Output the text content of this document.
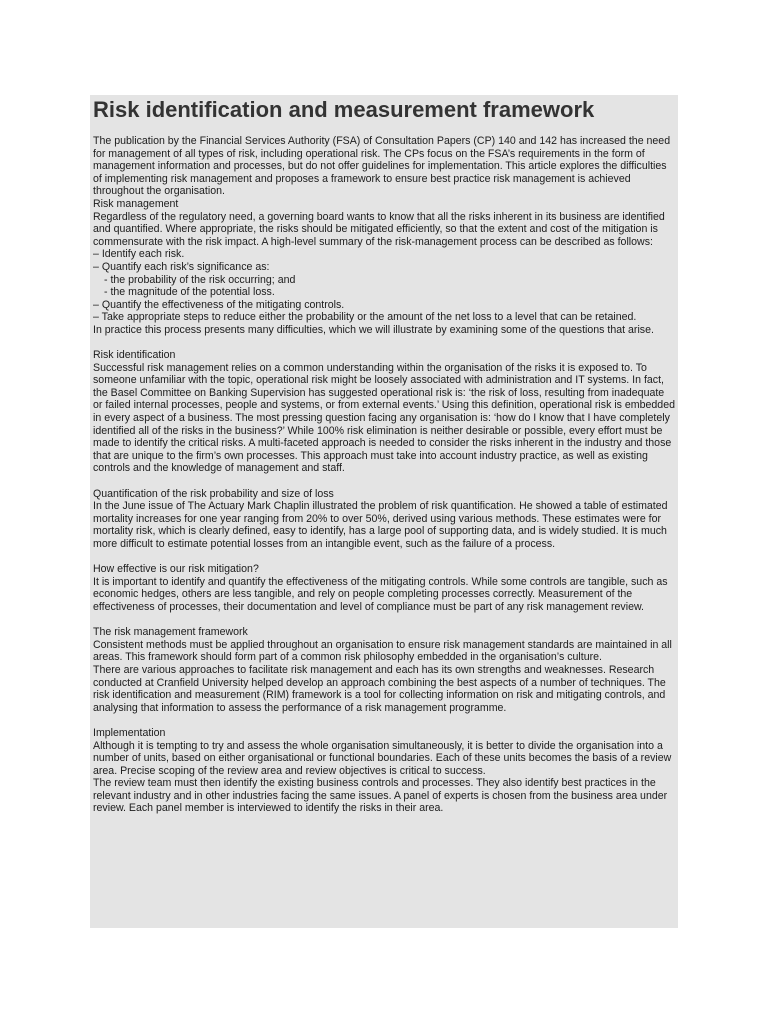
Risk identification and measurement framework

The publication by the Financial Services Authority (FSA) of Consultation Papers (CP) 140 and 142 has increased the need for management of all types of risk, including operational risk. The CPs focus on the FSA’s requirements in the form of management information and processes, but do not offer guidelines for implementation. This article explores the difficulties of implementing risk management and proposes a framework to ensure best practice risk management is achieved throughout the organisation.

Risk management

Regardless of the regulatory need, a governing board wants to know that all the risks inherent in its business are identified and quantified. Where appropriate, the risks should be mitigated efficiently, so that the extent and cost of the mitigation is commensurate with the risk impact. A high-level summary of the risk-management process can be described as follows:

– Identify each risk.

– Quantify each risk’s significance as:

- the probability of the risk occurring; and

- the magnitude of the potential loss.

– Quantify the effectiveness of the mitigating controls.

– Take appropriate steps to reduce either the probability or the amount of the net loss to a level that can be retained.

In practice this process presents many difficulties, which we will illustrate by examining some of the questions that arise.

Risk identification

Successful risk management relies on a common understanding within the organisation of the risks it is exposed to. To someone unfamiliar with the topic, operational risk might be loosely associated with administration and IT systems. In fact, the Basel Committee on Banking Supervision has suggested operational risk is: ‘the risk of loss, resulting from inadequate or failed internal processes, people and systems, or from external events.’ Using this definition, operational risk is embedded in every aspect of a business. The most pressing question facing any organisation is: ‘how do I know that I have completely identified all of the risks in the business?’ While 100% risk elimination is neither desirable or possible, every effort must be made to identify the critical risks. A multi-faceted approach is needed to consider the risks inherent in the industry and those that are unique to the firm’s own processes. This approach must take into account industry practice, as well as existing controls and the knowledge of management and staff.

Quantification of the risk probability and size of loss

In the June issue of The Actuary Mark Chaplin illustrated the problem of risk quantification. He showed a table of estimated mortality increases for one year ranging from 20% to over 50%, derived using various methods. These estimates were for mortality risk, which is clearly defined, easy to identify, has a large pool of supporting data, and is widely studied. It is much more difficult to estimate potential losses from an intangible event, such as the failure of a process.

How effective is our risk mitigation?

It is important to identify and quantify the effectiveness of the mitigating controls. While some controls are tangible, such as economic hedges, others are less tangible, and rely on people completing processes correctly. Measurement of the effectiveness of processes, their documentation and level of compliance must be part of any risk management review.

The risk management framework

Consistent methods must be applied throughout an organisation to ensure risk management standards are maintained in all areas. This framework should form part of a common risk philosophy embedded in the organisation’s culture.

There are various approaches to facilitate risk management and each has its own strengths and weaknesses. Research conducted at Cranfield University helped develop an approach combining the best aspects of a number of techniques. The risk identification and measurement (RIM) framework is a tool for collecting information on risk and mitigating controls, and analysing that information to assess the performance of a risk management programme.

Implementation

Although it is tempting to try and assess the whole organisation simultaneously, it is better to divide the organisation into a number of units, based on either organisational or functional boundaries. Each of these units becomes the basis of a review area. Precise scoping of the review area and review objectives is critical to success.

The review team must then identify the existing business controls and processes. They also identify best practices in the relevant industry and in other industries facing the same issues. A panel of experts is chosen from the business area under review. Each panel member is interviewed to identify the risks in their area.
